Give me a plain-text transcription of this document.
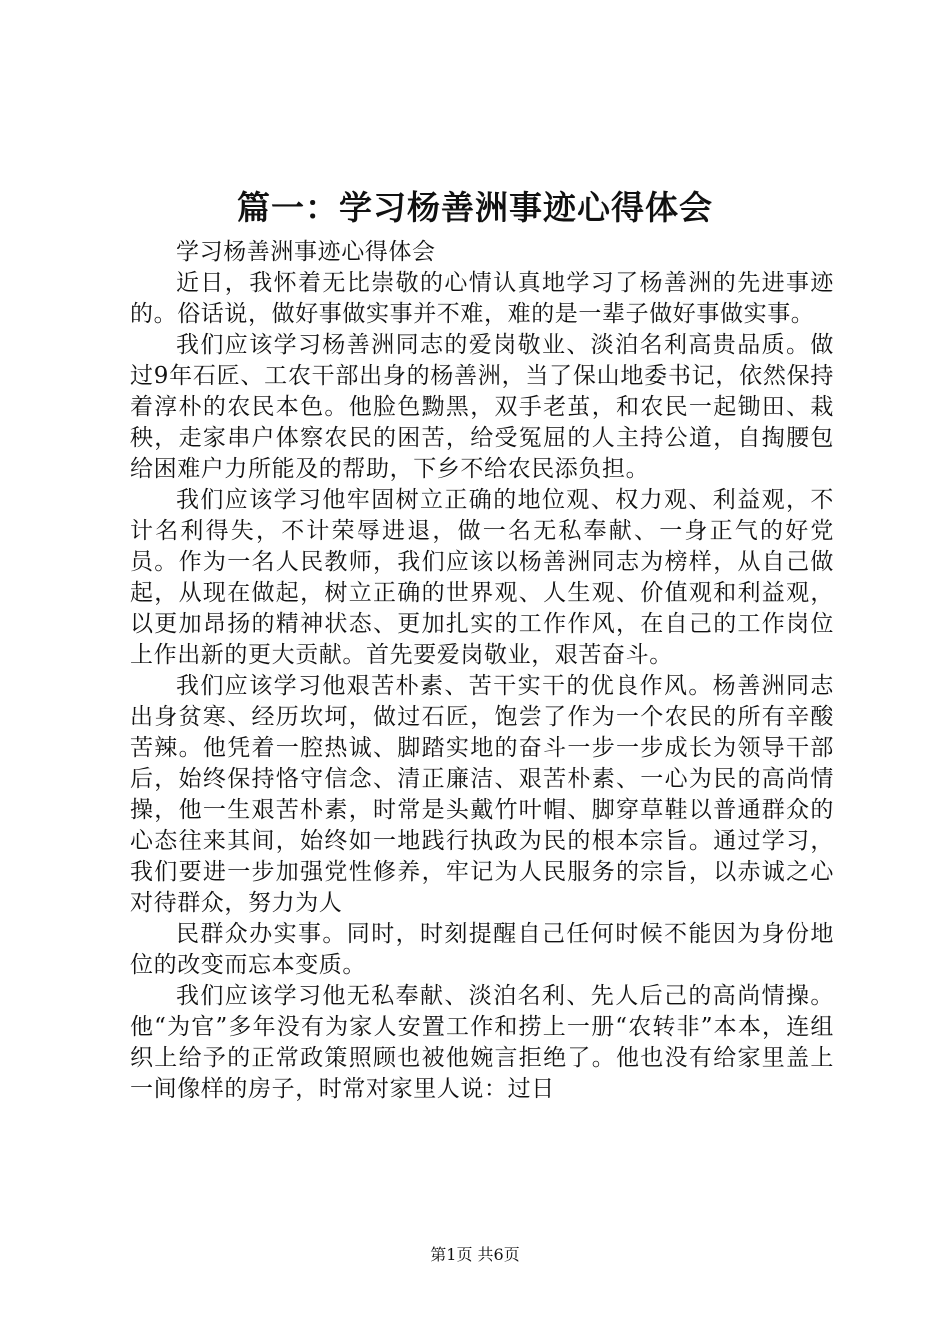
篇一：学习杨善洲事迹心得体会

学习杨善洲事迹心得体会

近日，我怀着无比崇敬的心情认真地学习了杨善洲的先进事迹的。俗话说，做好事做实事并不难，难的是一辈子做好事做实事。

我们应该学习杨善洲同志的爱岗敬业、淡泊名利高贵品质。做过9年石匠、工农干部出身的杨善洲，当了保山地委书记，依然保持着淳朴的农民本色。他脸色黝黑，双手老茧，和农民一起锄田、栽秧，走家串户体察农民的困苦，给受冤屈的人主持公道，自掏腰包给困难户力所能及的帮助，下乡不给农民添负担。

我们应该学习他牢固树立正确的地位观、权力观、利益观，不计名利得失，不计荣辱进退，做一名无私奉献、一身正气的好党员。作为一名人民教师，我们应该以杨善洲同志为榜样，从自己做起，从现在做起，树立正确的世界观、人生观、价值观和利益观，以更加昂扬的精神状态、更加扎实的工作作风，在自己的工作岗位上作出新的更大贡献。首先要爱岗敬业，艰苦奋斗。

我们应该学习他艰苦朴素、苦干实干的优良作风。杨善洲同志出身贫寒、经历坎坷，做过石匠，饱尝了作为一个农民的所有辛酸苦辣。他凭着一腔热诚、脚踏实地的奋斗一步一步成长为领导干部后，始终保持恪守信念、清正廉洁、艰苦朴素、一心为民的高尚情操，他一生艰苦朴素，时常是头戴竹叶帽、脚穿草鞋以普通群众的心态往来其间，始终如一地践行执政为民的根本宗旨。通过学习，我们要进一步加强党性修养，牢记为人民服务的宗旨，以赤诚之心对待群众，努力为人

民群众办实事。同时，时刻提醒自己任何时候不能因为身份地位的改变而忘本变质。

我们应该学习他无私奉献、淡泊名利、先人后己的高尚情操。他“为官”多年没有为家人安置工作和捞上一册“农转非”本本，连组织上给予的正常政策照顾也被他婉言拒绝了。他也没有给家里盖上一间像样的房子，时常对家里人说：过日

第1页 共6页
